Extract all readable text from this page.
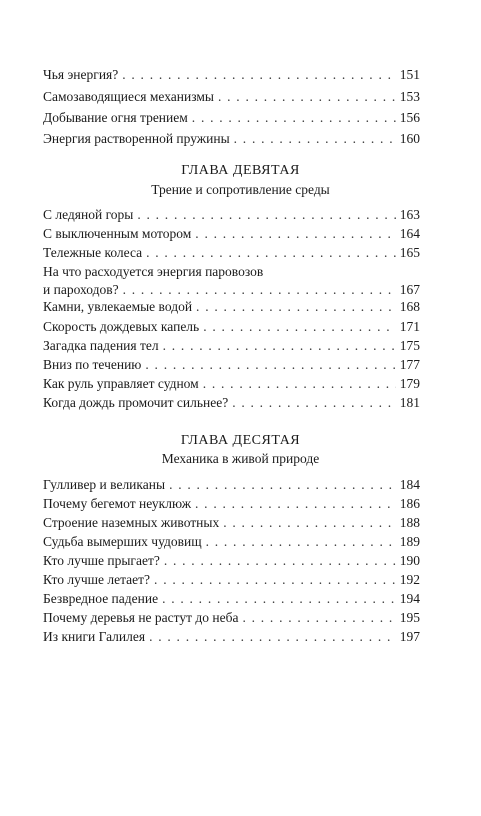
Чья энергия? . . .	151
Самозаводящиеся механизмы . . .	153
Добывание огня трением . . .	156
Энергия растворенной пружины . . .	160
ГЛАВА ДЕВЯТАЯ
Трение и сопротивление среды
С ледяной горы . . .	163
С выключенным мотором . . .	164
Тележные колеса . . .	165
На что расходуется энергия паровозов
и пароходов? . . .	167
Камни, увлекаемые водой . . .	168
Скорость дождевых капель . . .	171
Загадка падения тел . . .	175
Вниз по течению . . .	177
Как руль управляет судном . . .	179
Когда дождь промочит сильнее? . . .	181
ГЛАВА ДЕСЯТАЯ
Механика в живой природе
Гулливер и великаны . . .	184
Почему бегемот неуклюж . . .	186
Строение наземных животных . . .	188
Судьба вымерших чудовищ . . .	189
Кто лучше прыгает? . . .	190
Кто лучше летает? . . .	192
Безвредное падение . . .	194
Почему деревья не растут до неба . . .	195
Из книги Галилея . . .	197
